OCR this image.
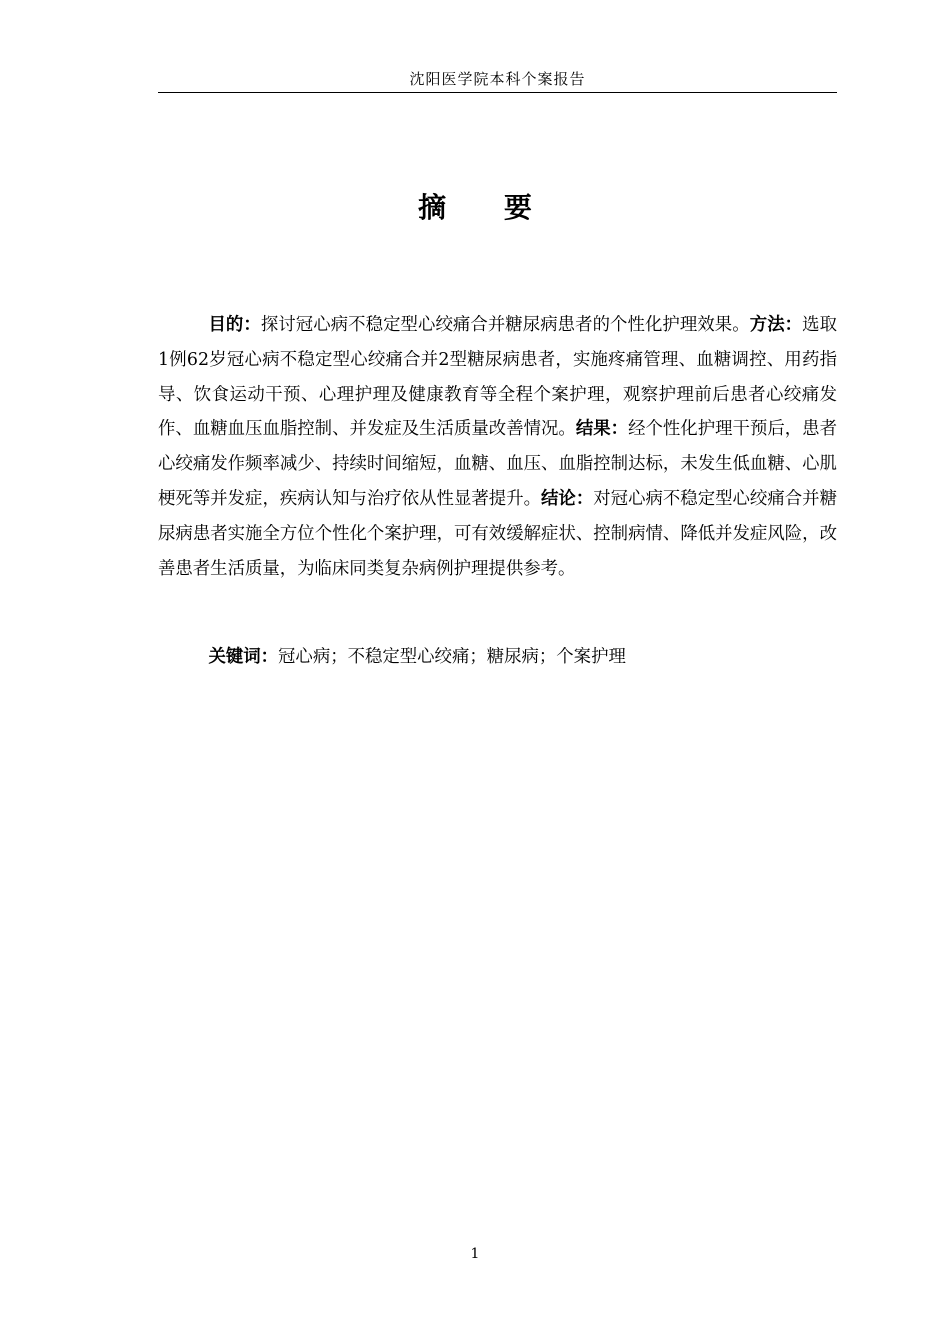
沈阳医学院本科个案报告
摘 要

目的：探讨冠心病不稳定型心绞痛合并糖尿病患者的个性化护理效果。方法：选取1例62岁冠心病不稳定型心绞痛合并2型糖尿病患者，实施疼痛管理、血糖调控、用药指导、饮食运动干预、心理护理及健康教育等全程个案护理，观察护理前后患者心绞痛发作、血糖血压血脂控制、并发症及生活质量改善情况。结果：经个性化护理干预后，患者心绞痛发作频率减少、持续时间缩短，血糖、血压、血脂控制达标，未发生低血糖、心肌梗死等并发症，疾病认知与治疗依从性显著提升。结论：对冠心病不稳定型心绞痛合并糖尿病患者实施全方位个性化个案护理，可有效缓解症状、控制病情、降低并发症风险，改善患者生活质量，为临床同类复杂病例护理提供参考。

关键词：冠心病；不稳定型心绞痛；糖尿病；个案护理

1
